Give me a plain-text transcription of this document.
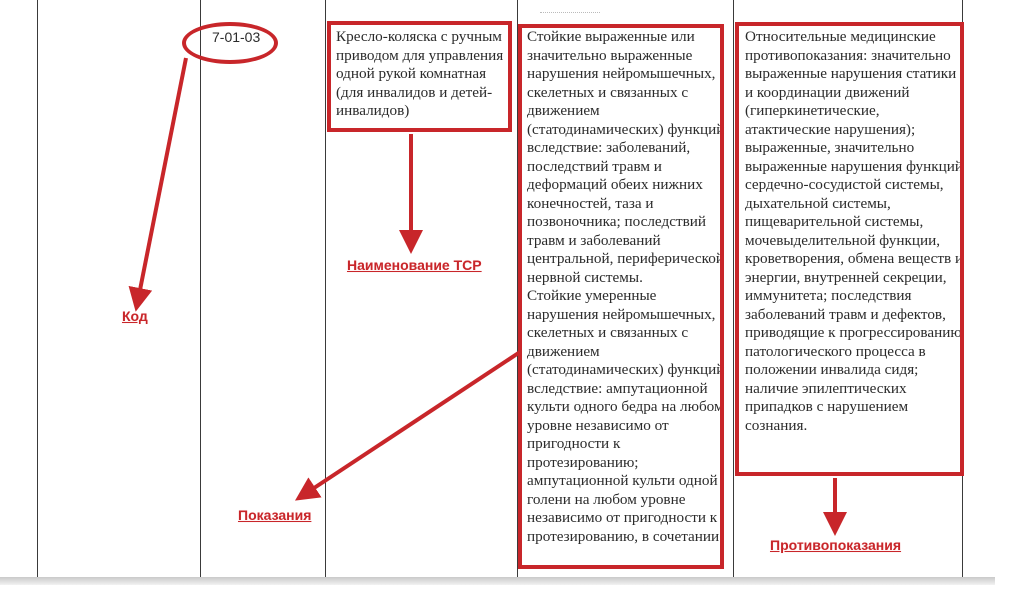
7-01-03	Кресло-коляска с ручным приводом для управления одной рукой комнатная (для инвалидов и детей-инвалидов)
Стойкие выраженные или значительно выраженные нарушения нейромышечных, скелетных и связанных с движением (статодинамических) функций вследствие: заболеваний, последствий травм и деформаций обеих нижних конечностей, таза и позвоночника; последствий травм и заболеваний центральной, периферической нервной системы.
Стойкие умеренные нарушения нейромышечных, скелетных и связанных с движением (статодинамических) функций вследствие: ампутационной культи одного бедра на любом уровне независимо от пригодности к протезированию; ампутационной культи одной голени на любом уровне независимо от пригодности к протезированию, в сочетании
Относительные медицинские противопоказания: значительно выраженные нарушения статики и координации движений (гиперкинетические, атактические нарушения); выраженные, значительно выраженные нарушения функций сердечно-сосудистой системы, дыхательной системы, пищеварительной системы, мочевыделительной функции, кроветворения, обмена веществ и энергии, внутренней секреции, иммунитета; последствия заболеваний травм и дефектов, приводящие к прогрессированию патологического процесса в положении инвалида сидя; наличие эпилептических припадков с нарушением сознания.
Код
Наименование ТСР
Показания
Противопоказания
